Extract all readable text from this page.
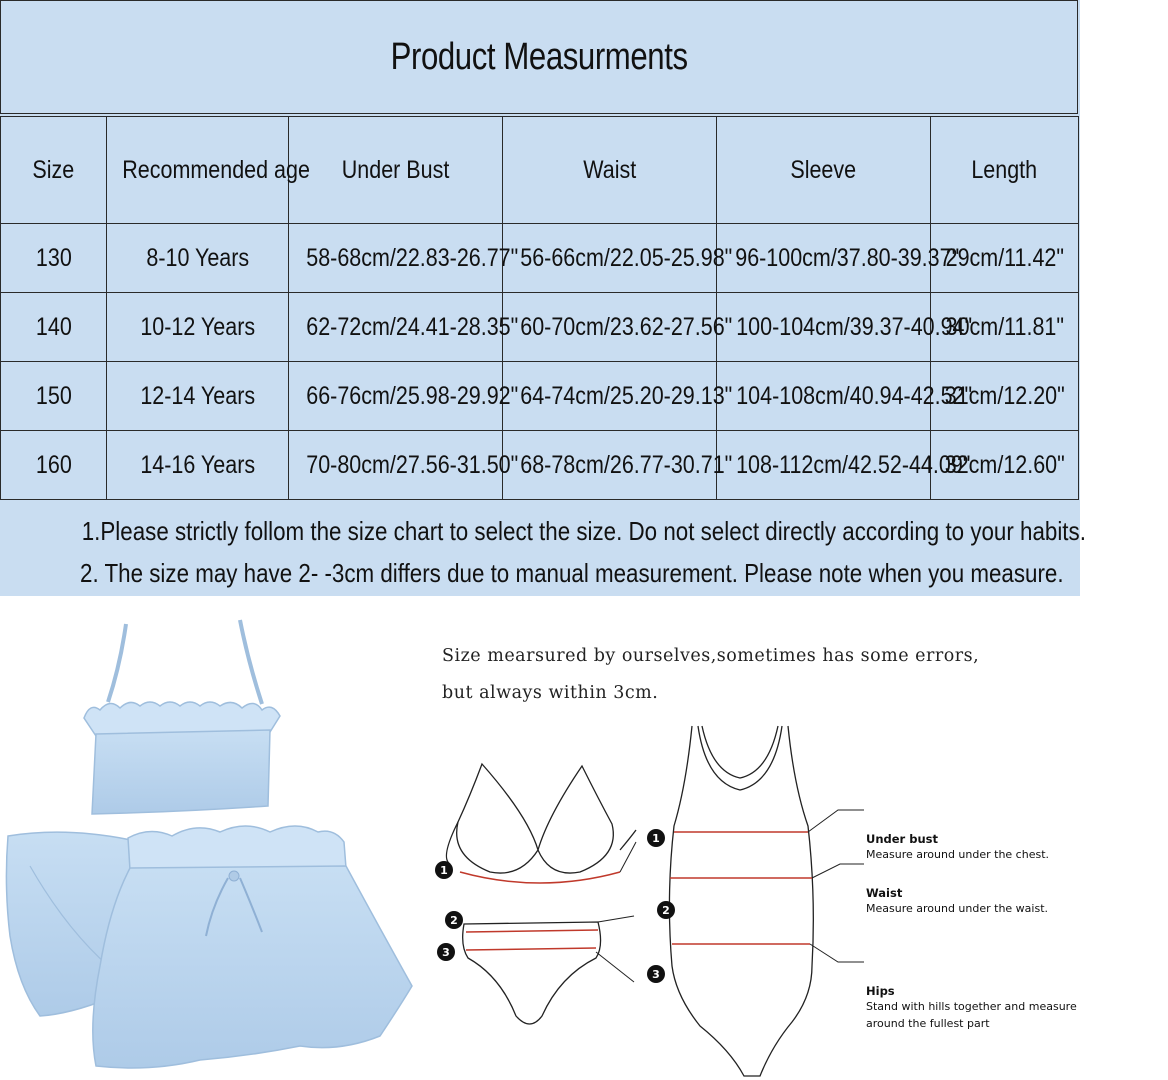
Product Measurments
Size	Recommended age	Under Bust	Waist	Sleeve	Length
130	8-10 Years	58-68cm/22.83-26.77"	56-66cm/22.05-25.98"	96-100cm/37.80-39.37"	29cm/11.42"
140	10-12 Years	62-72cm/24.41-28.35"	60-70cm/23.62-27.56"	100-104cm/39.37-40.94"	30cm/11.81"
150	12-14 Years	66-76cm/25.98-29.92"	64-74cm/25.20-29.13"	104-108cm/40.94-42.52"	31cm/12.20"
160	14-16 Years	70-80cm/27.56-31.50"	68-78cm/26.77-30.71"	108-112cm/42.52-44.09"	32cm/12.60"
1.Please strictly follom the size chart to select the size. Do not select directly according to your habits.
2. The size may have 2- -3cm differs due to manual measurement. Please note when you measure.
Size mearsured by ourselves,sometimes has some errors,
but always within 3cm.
1
2
3
1
2
3
Under bust
Measure around under the chest.
Waist
Measure around under the waist.
Hips
Stand with hills together and measure
around the fullest part
